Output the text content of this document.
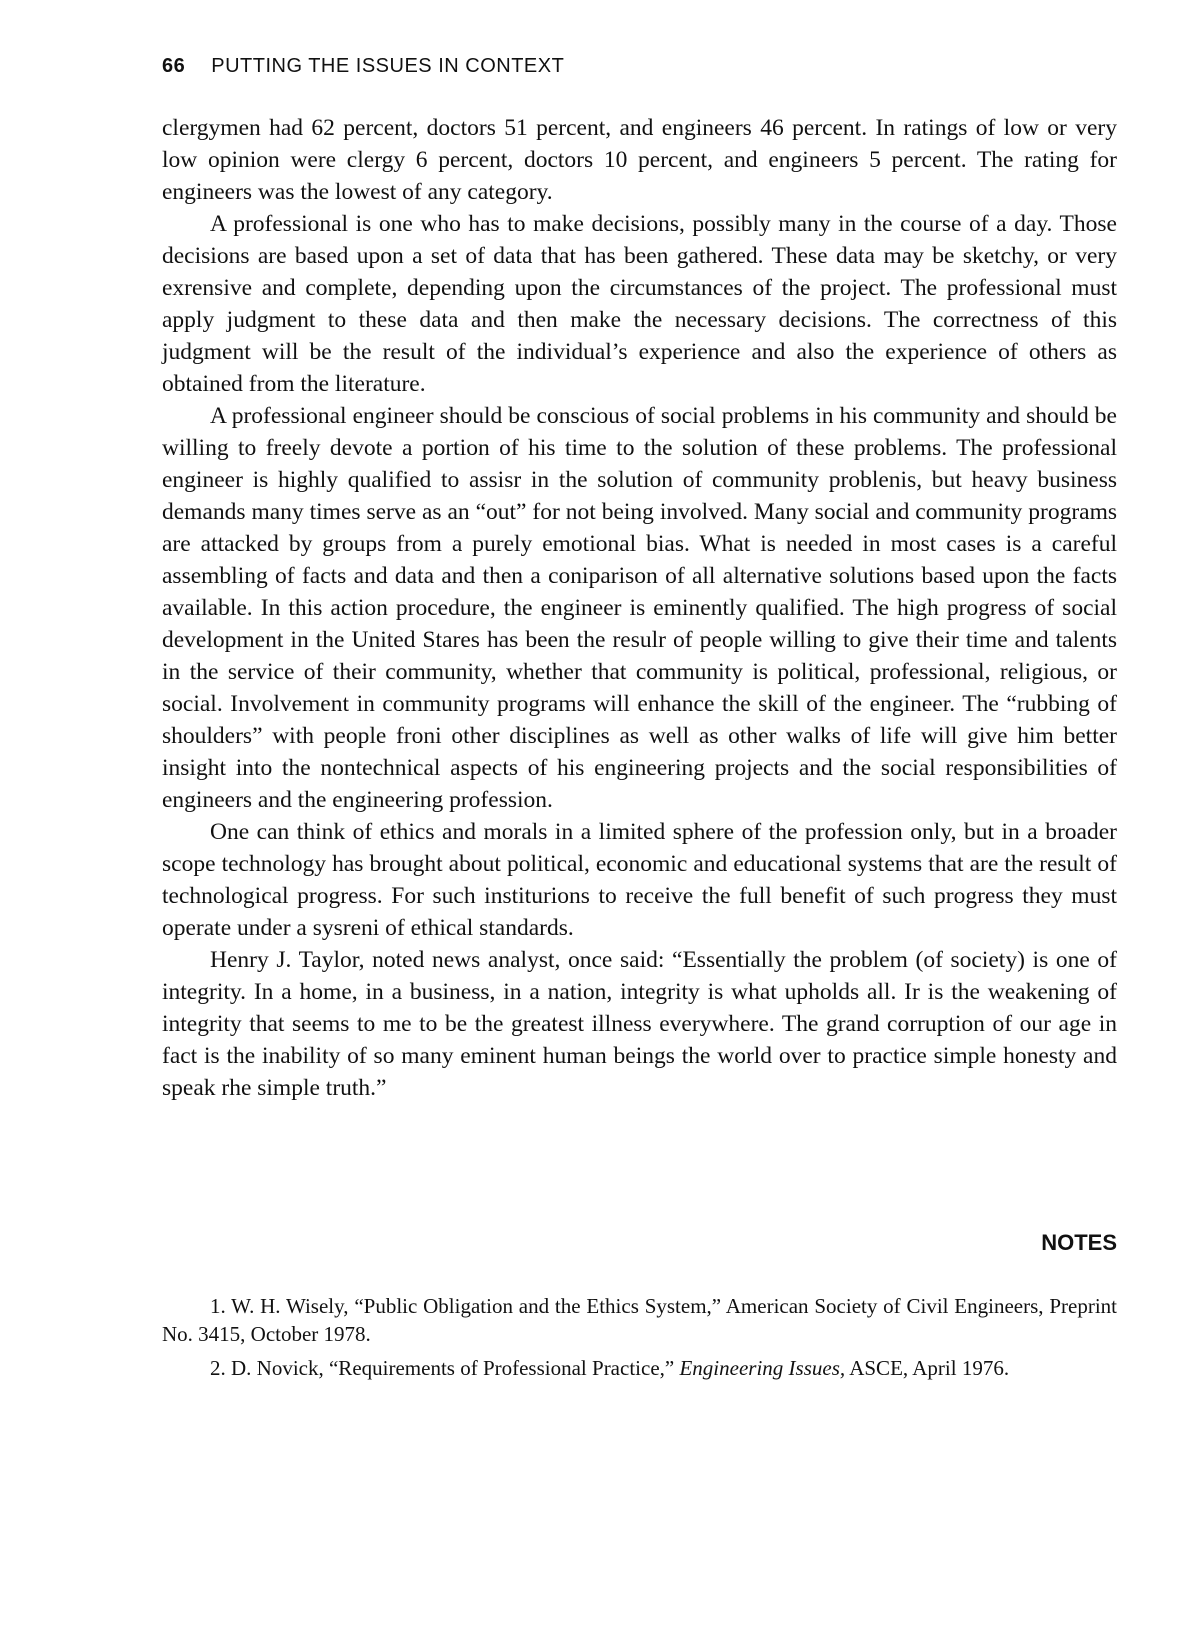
66 PUTTING THE ISSUES IN CONTEXT

clergymen had 62 percent, doctors 51 percent, and engineers 46 percent. In ratings of low or very low opinion were clergy 6 percent, doctors 10 percent, and engineers 5 percent. The rating for engineers was the lowest of any category.

A professional is one who has to make decisions, possibly many in the course of a day. Those decisions are based upon a set of data that has been gathered. These data may be sketchy, or very exrensive and complete, depending upon the circumstances of the project. The professional must apply judgment to these data and then make the necessary decisions. The correctness of this judgment will be the result of the individual’s experience and also the experience of others as obtained from the literature.

A professional engineer should be conscious of social problems in his community and should be willing to freely devote a portion of his time to the solution of these problems. The professional engineer is highly qualified to assisr in the solution of community problenis, but heavy business demands many times serve as an “out” for not being involved. Many social and community programs are attacked by groups from a purely emotional bias. What is needed in most cases is a careful assembling of facts and data and then a coniparison of all alternative solutions based upon the facts available. In this action procedure, the engineer is eminently qualified. The high progress of social development in the United Stares has been the resulr of people willing to give their time and talents in the service of their community, whether that community is political, professional, religious, or social. Involvement in community programs will enhance the skill of the engineer. The “rubbing of shoulders” with people froni other disciplines as well as other walks of life will give him better insight into the nontechnical aspects of his engineering projects and the social responsibilities of engineers and the engineering profession.

One can think of ethics and morals in a limited sphere of the profession only, but in a broader scope technology has brought about political, economic and educational systems that are the result of technological progress. For such institurions to receive the full benefit of such progress they must operate under a sysreni of ethical standards.

Henry J. Taylor, noted news analyst, once said: “Essentially the problem (of society) is one of integrity. In a home, in a business, in a nation, integrity is what upholds all. Ir is the weakening of integrity that seems to me to be the greatest illness everywhere. The grand corruption of our age in fact is the inability of so many eminent human beings the world over to practice simple honesty and speak rhe simple truth.”

NOTES

1. W. H. Wisely, “Public Obligation and the Ethics System,” American Society of Civil Engineers, Preprint No. 3415, October 1978.

2. D. Novick, “Requirements of Professional Practice,” Engineering Issues, ASCE, April 1976.
